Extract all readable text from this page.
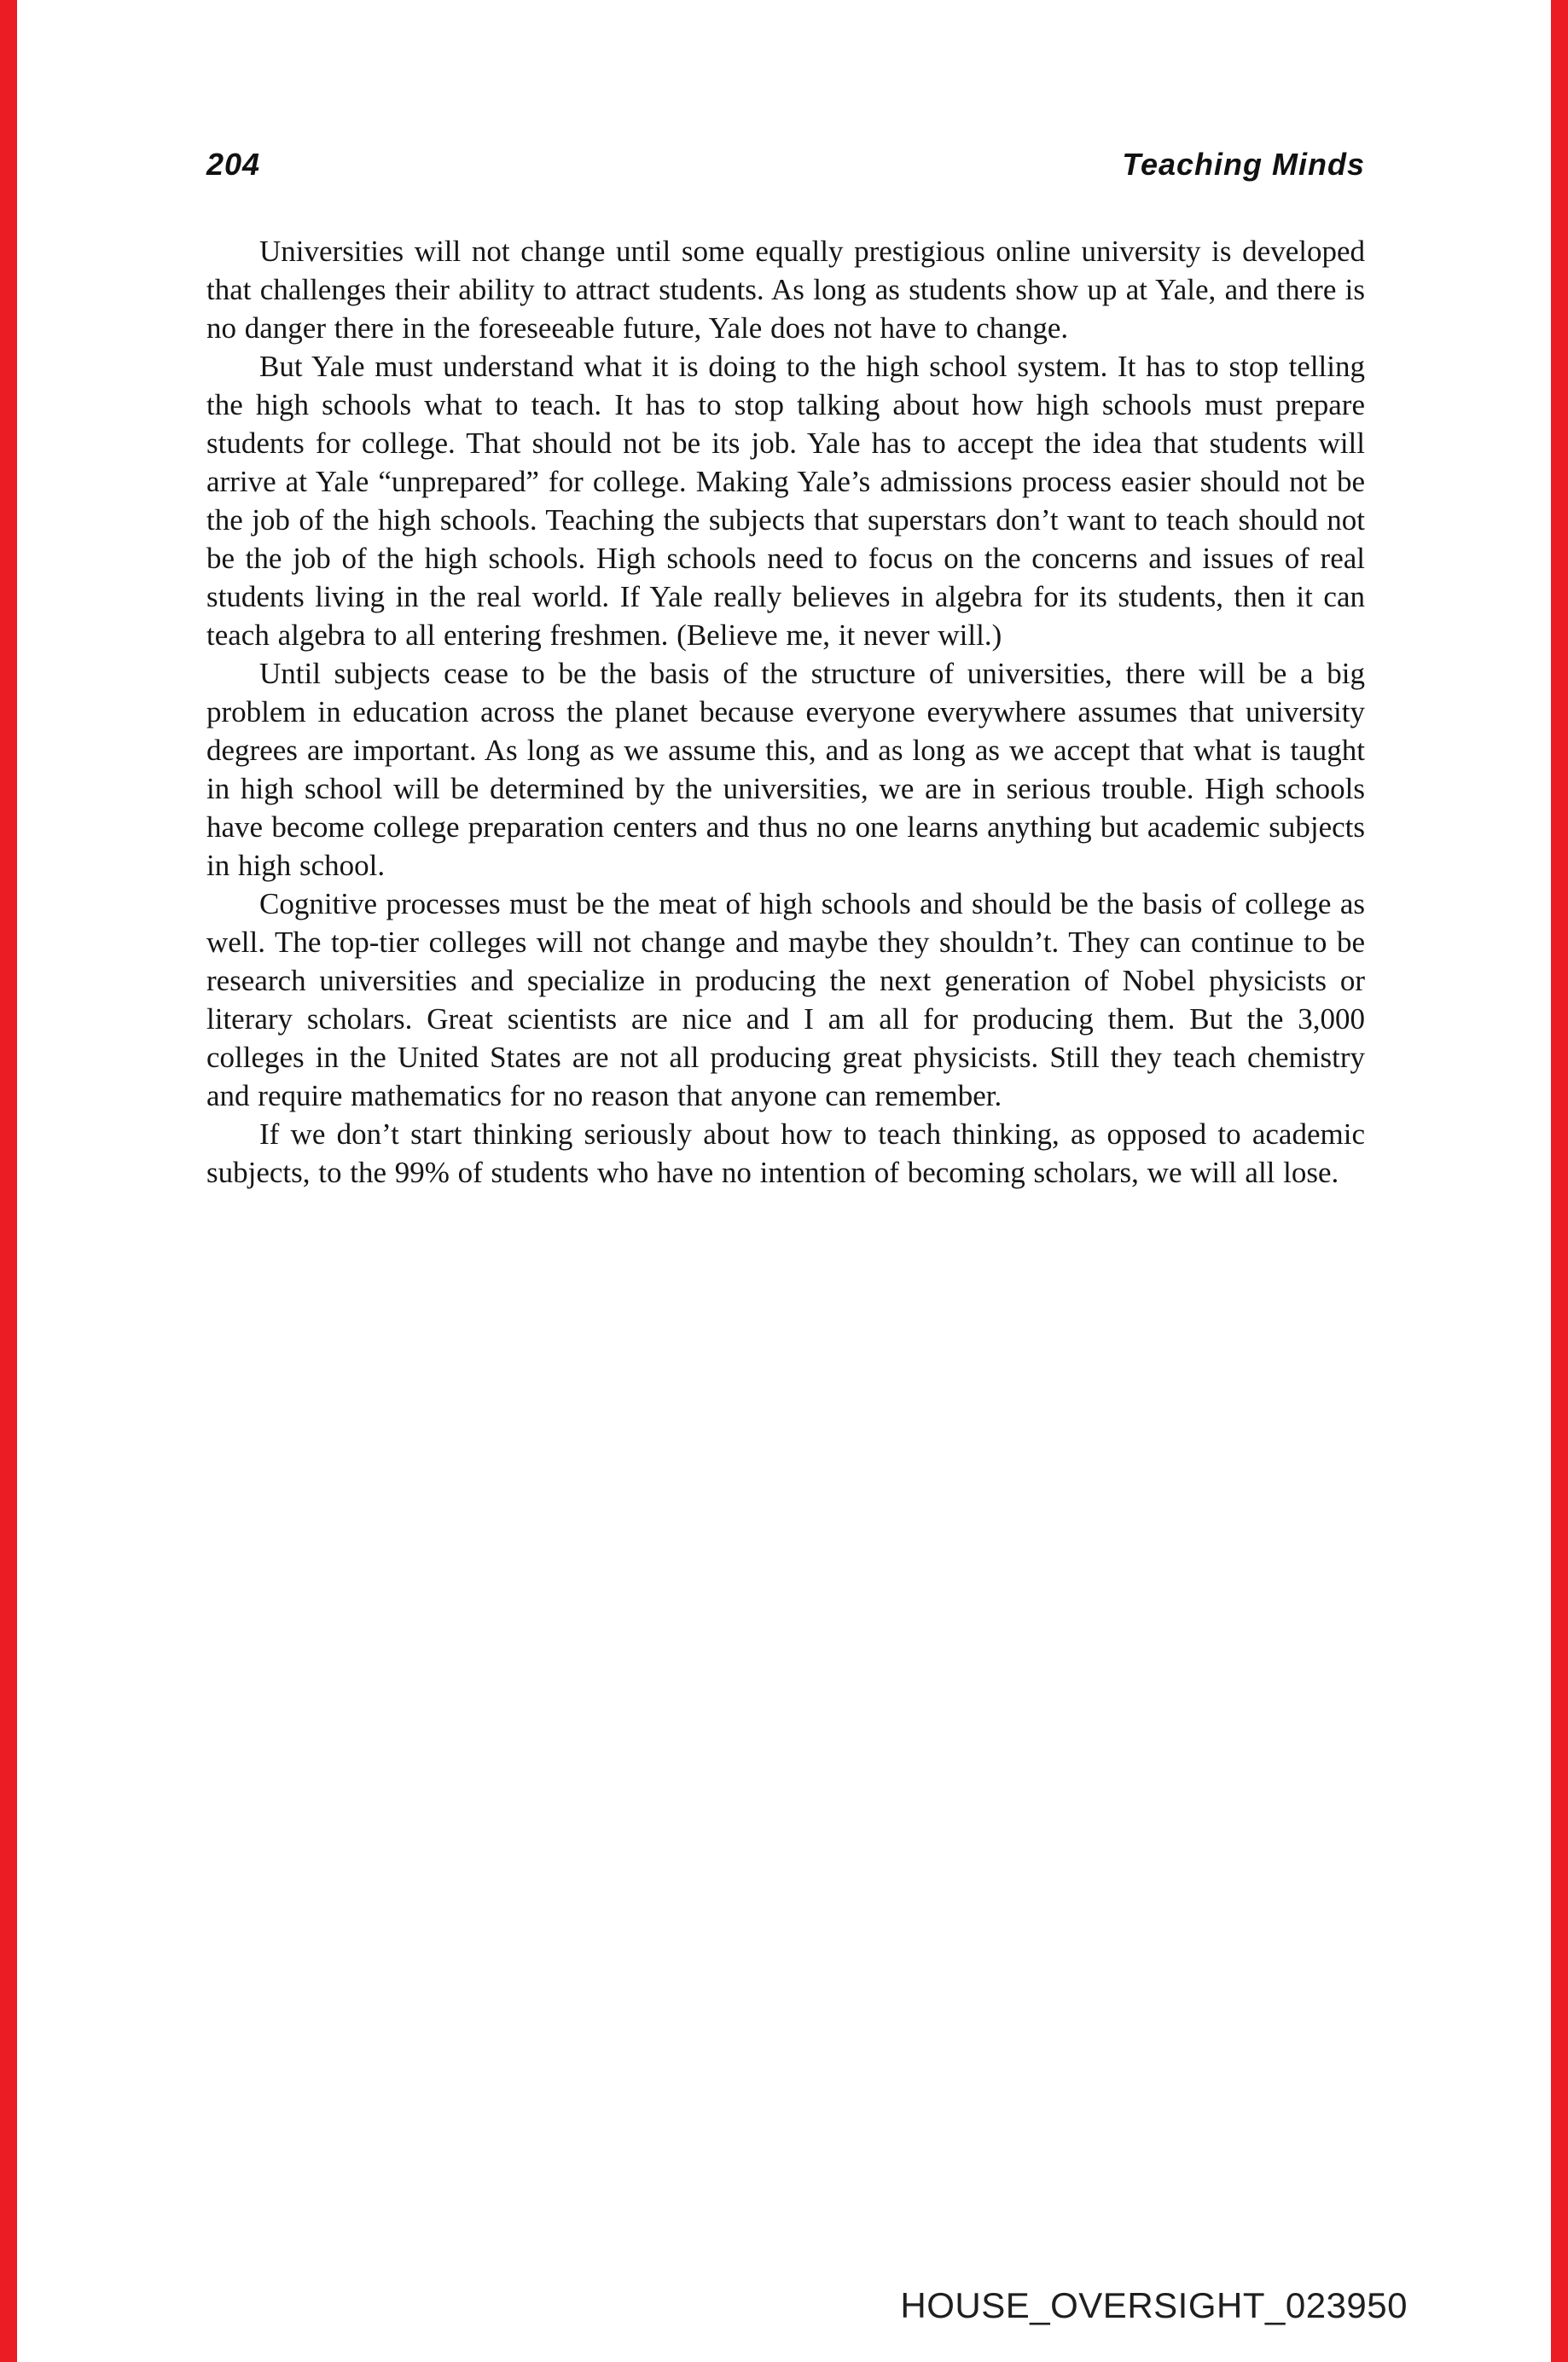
204	Teaching Minds

Universities will not change until some equally prestigious online university is developed that challenges their ability to attract students. As long as students show up at Yale, and there is no danger there in the foreseeable future, Yale does not have to change.

But Yale must understand what it is doing to the high school system. It has to stop telling the high schools what to teach. It has to stop talking about how high schools must prepare students for college. That should not be its job. Yale has to accept the idea that students will arrive at Yale “unprepared” for college. Making Yale’s admissions process easier should not be the job of the high schools. Teaching the subjects that superstars don’t want to teach should not be the job of the high schools. High schools need to focus on the concerns and issues of real students living in the real world. If Yale really believes in algebra for its students, then it can teach algebra to all entering freshmen. (Believe me, it never will.)

Until subjects cease to be the basis of the structure of universities, there will be a big problem in education across the planet because everyone everywhere assumes that university degrees are important. As long as we assume this, and as long as we accept that what is taught in high school will be determined by the universities, we are in serious trouble. High schools have become college preparation centers and thus no one learns anything but academic subjects in high school.

Cognitive processes must be the meat of high schools and should be the basis of college as well. The top-tier colleges will not change and maybe they shouldn’t. They can continue to be research universities and specialize in producing the next generation of Nobel physicists or literary scholars. Great scientists are nice and I am all for producing them. But the 3,000 colleges in the United States are not all producing great physicists. Still they teach chemistry and require mathematics for no reason that anyone can remember.

If we don’t start thinking seriously about how to teach thinking, as opposed to academic subjects, to the 99% of students who have no intention of becoming scholars, we will all lose.

HOUSE_OVERSIGHT_023950
